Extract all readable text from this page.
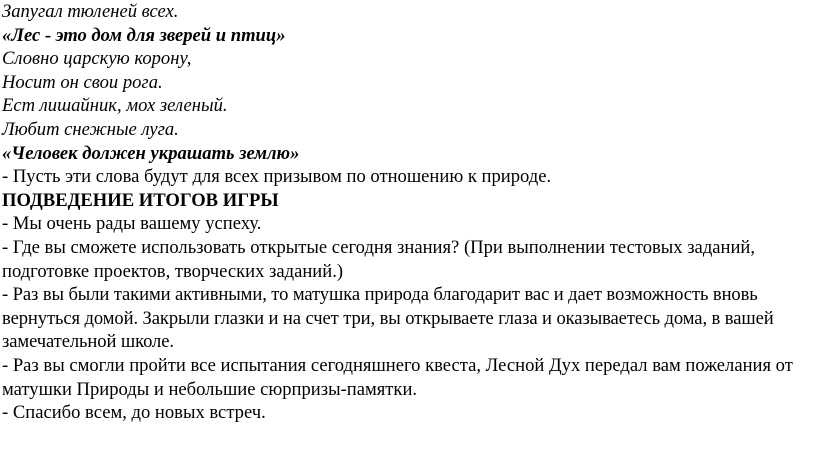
Запугал тюленей всех.
«Лес - это дом для зверей и птиц»
Словно царскую корону,
Носит он свои рога.
Ест лишайник, мох зеленый.
Любит снежные луга.
«Человек должен украшать землю»
- Пусть эти слова будут для всех призывом по отношению к природе.
ПОДВЕДЕНИЕ ИТОГОВ ИГРЫ
- Мы очень рады вашему успеху.
- Где вы сможете использовать открытые сегодня знания? (При выполнении тестовых заданий, подготовке проектов, творческих заданий.)
- Раз вы были такими активными, то матушка природа благодарит вас и дает возможность вновь вернуться домой. Закрыли глазки и на счет три, вы открываете глаза и оказываетесь дома, в вашей замечательной школе.
- Раз вы смогли пройти все испытания сегодняшнего квеста, Лесной Дух передал вам пожелания от матушки Природы и небольшие сюрпризы-памятки.
- Спасибо всем, до новых встреч.
